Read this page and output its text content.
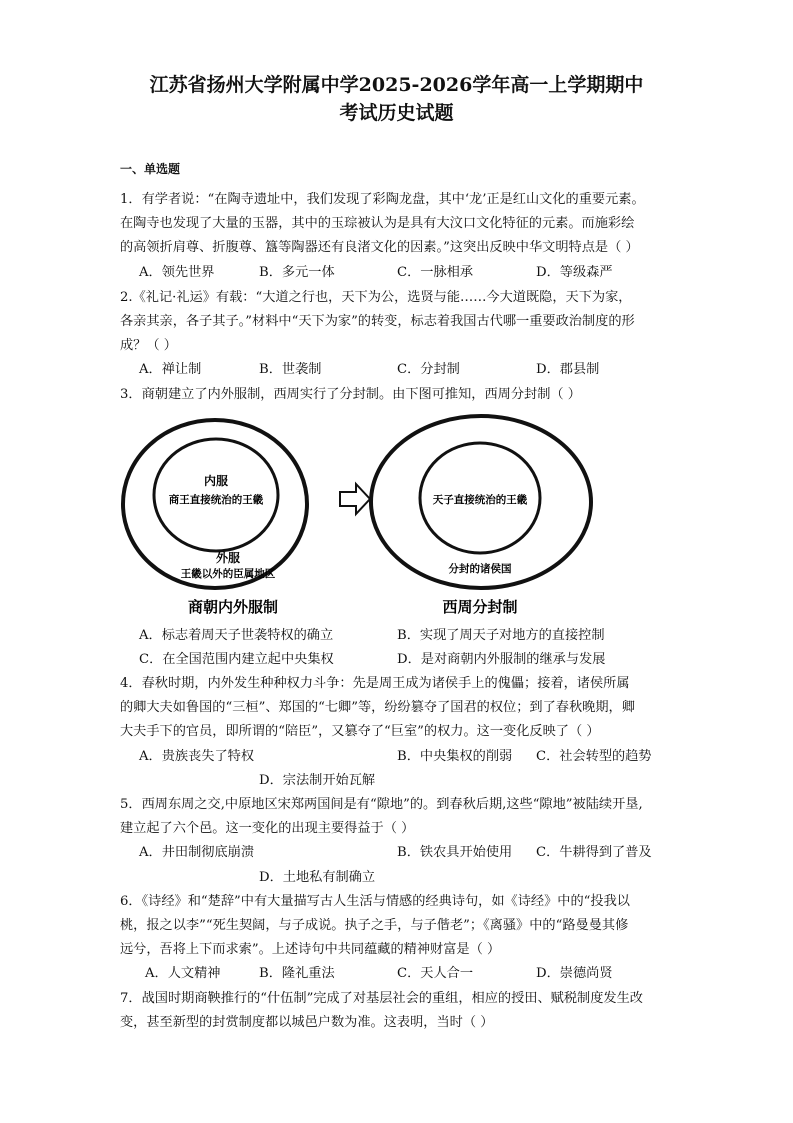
江苏省扬州大学附属中学2025-2026学年高一上学期期中
考试历史试题
一、单选题
1．有学者说：“在陶寺遗址中，我们发现了彩陶龙盘，其中‘龙’正是红山文化的重要元素。
在陶寺也发现了大量的玉器，其中的玉琮被认为是具有大汶口文化特征的元素。而施彩绘
的高领折肩尊、折腹尊、簋等陶器还有良渚文化的因素。”这突出反映中华文明特点是（ ）
A．领先世界	B．多元一体	C．一脉相承	D．等级森严
2.《礼记·礼运》有载：“大道之行也，天下为公，选贤与能……今大道既隐，天下为家，
各亲其亲，各子其子。”材料中“天下为家”的转变，标志着我国古代哪一重要政治制度的形
成？（ ）
A．禅让制	B．世袭制	C．分封制	D．郡县制
3．商朝建立了内外服制，西周实行了分封制。由下图可推知，西周分封制（ ）
内服
商王直接统治的王畿
外服
王畿以外的臣属地区
商朝内外服制
天子直接统治的王畿
分封的诸侯国
西周分封制
A．标志着周天子世袭特权的确立	B．实现了周天子对地方的直接控制
C．在全国范围内建立起中央集权	D．是对商朝内外服制的继承与发展
4．春秋时期，内外发生种种权力斗争：先是周王成为诸侯手上的傀儡；接着，诸侯所属
的卿大夫如鲁国的“三桓”、郑国的“七卿”等，纷纷篡夺了国君的权位；到了春秋晚期，卿
大夫手下的官员，即所谓的“陪臣”，又篡夺了“巨室”的权力。这一变化反映了（ ）
A．贵族丧失了特权	B．中央集权的削弱 C．社会转型的趋势
D．宗法制开始瓦解
5．西周东周之交,中原地区宋郑两国间是有“隙地”的。到春秋后期,这些“隙地”被陆续开垦,
建立起了六个邑。这一变化的出现主要得益于（ ）
A．井田制彻底崩溃	B．铁农具开始使用 C．牛耕得到了普及
D．土地私有制确立
6．《诗经》和“楚辞”中有大量描写古人生活与情感的经典诗句，如《诗经》中的“投我以
桃，报之以李”“死生契阔，与子成说。执子之手，与子偕老”；《离骚》中的“路曼曼其修
远兮，吾将上下而求索”。上述诗句中共同蕴藏的精神财富是（ ）
A．人文精神	B．隆礼重法	C．天人合一	D．崇德尚贤
7．战国时期商鞅推行的“什伍制”完成了对基层社会的重组，相应的授田、赋税制度发生改
变，甚至新型的封赏制度都以城邑户数为准。这表明，当时（ ）
